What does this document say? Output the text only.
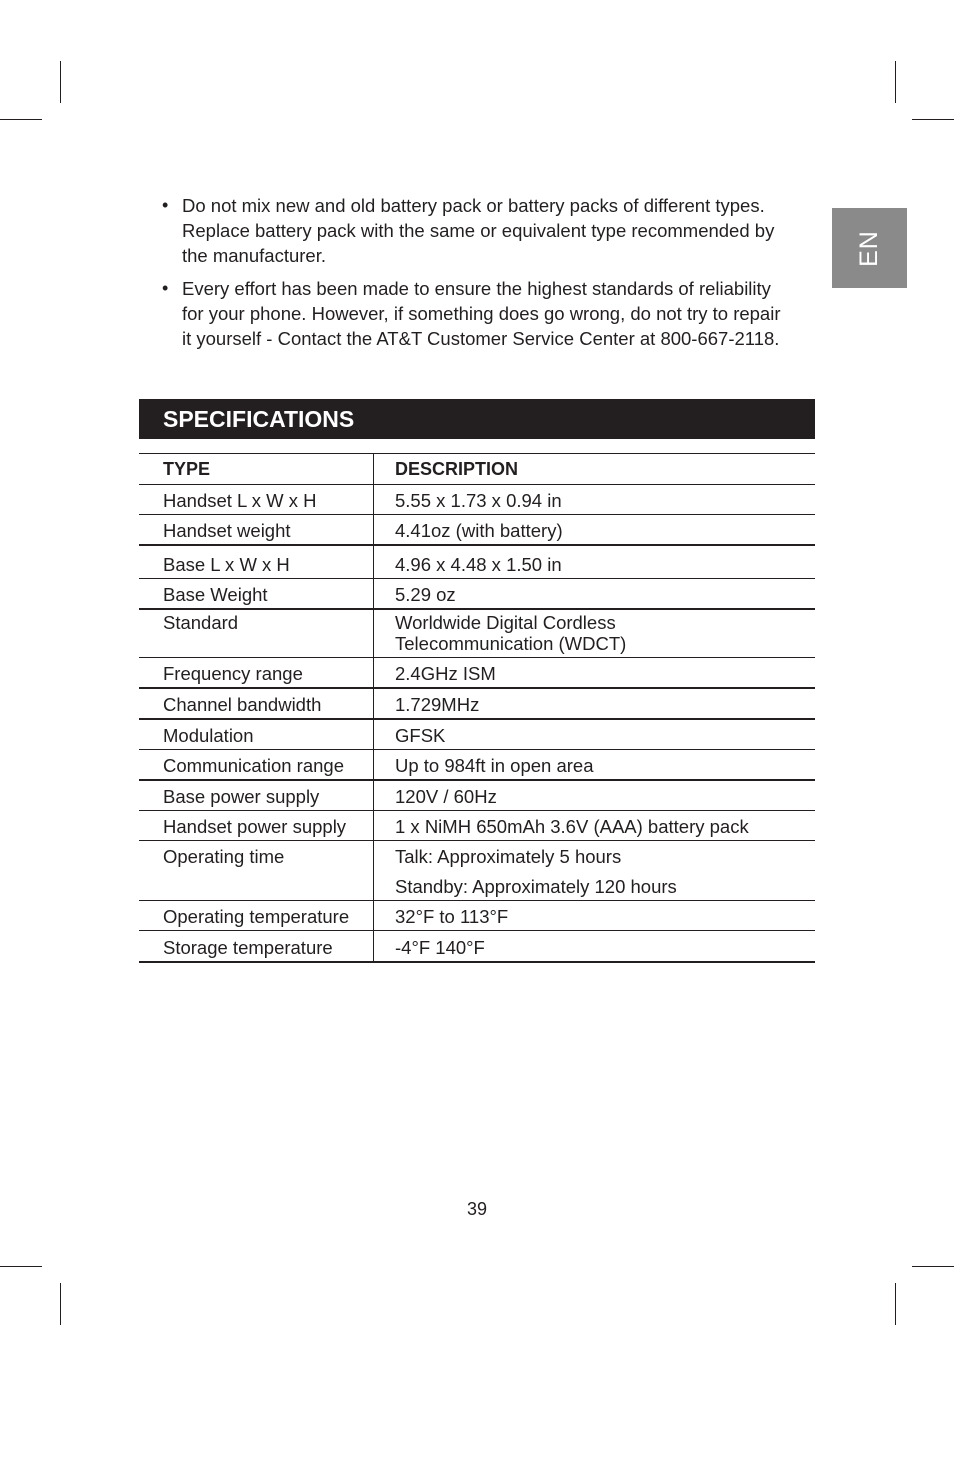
EN
• Do not mix new and old battery pack or battery packs of different types. Replace battery pack with the same or equivalent type recommended by the manufacturer.
• Every effort has been made to ensure the highest standards of reliability for your phone. However, if something does go wrong, do not try to repair it yourself - Contact the AT&T Customer Service Center at 800-667-2118.
SPECIFICATIONS
TYPE	DESCRIPTION
Handset L x W x H	5.55 x 1.73 x 0.94 in
Handset weight	4.41oz (with battery)
Base L x W x H	4.96 x 4.48 x 1.50 in
Base Weight	5.29 oz
Standard	Worldwide Digital Cordless
Telecommunication (WDCT)
Frequency range	2.4GHz ISM
Channel bandwidth	1.729MHz
Modulation	GFSK
Communication range	Up to 984ft in open area
Base power supply	120V / 60Hz
Handset power supply	1 x NiMH 650mAh 3.6V (AAA) battery pack
Operating time	Talk: Approximately 5 hours
Standby: Approximately 120 hours

Operating temperature	32°F to 113°F
Storage temperature	-4°F 140°F
39
